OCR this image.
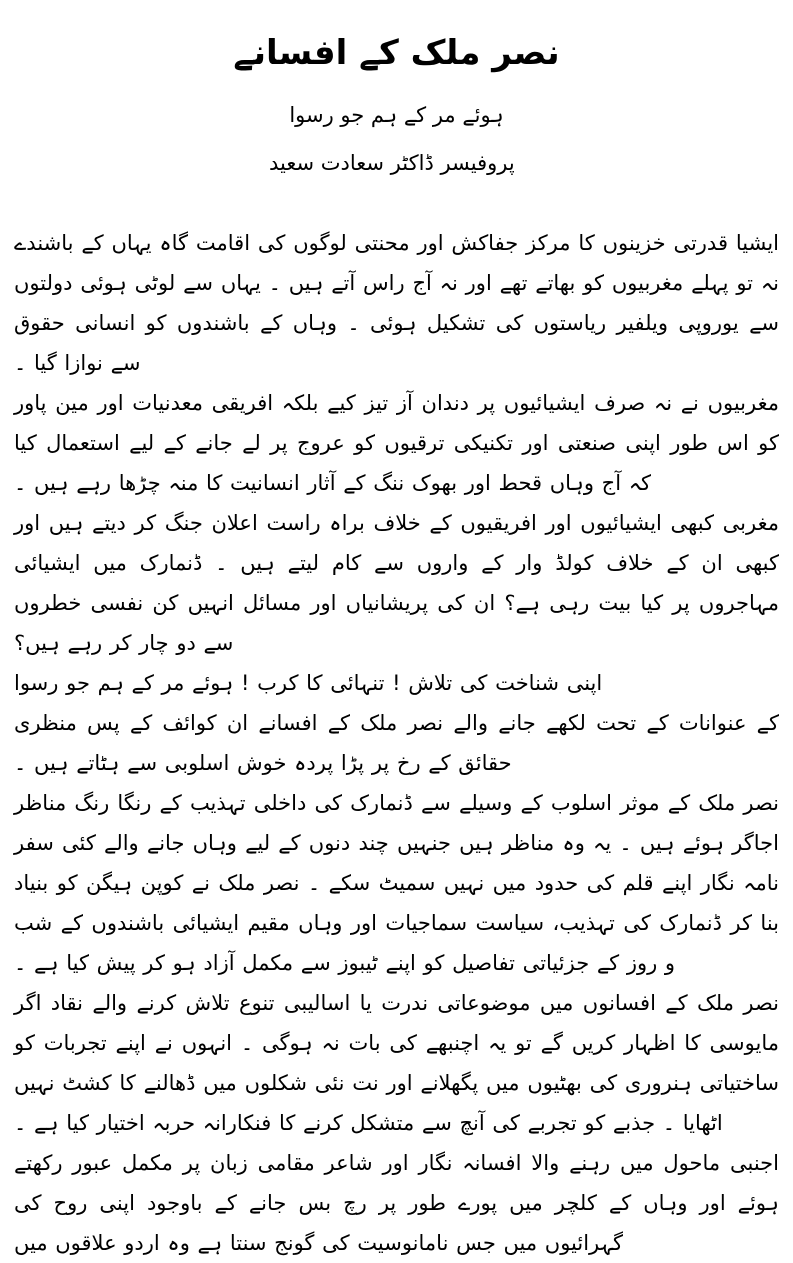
نصر ملک کے افسانے
ہوئے مر کے ہم جو رسوا
پروفیسر ڈاکٹر سعادت سعید

ایشیا قدرتی خزینوں کا مرکز جفاکش اور محنتی لوگوں کی اقامت گاہ یہاں کے باشندے نہ تو پہلے مغربیوں کو بھاتے تھے اور نہ آج راس آتے ہیں ۔ یہاں سے لوٹی ہوئی دولتوں سے یوروپی ویلفیر ریاستوں کی تشکیل ہوئی ۔ وہاں کے باشندوں کو انسانی حقوق سے نوازا گیا ۔

مغربیوں نے نہ صرف ایشیائیوں پر دندان آز تیز کیے بلکہ افریقی معدنیات اور مین پاور کو اس طور اپنی صنعتی اور تکنیکی ترقیوں کو عروج پر لے جانے کے لیے استعمال کیا کہ آج وہاں قحط اور بھوک ننگ کے آثار انسانیت کا منہ چڑھا رہے ہیں ۔

مغربی کبھی ایشیائیوں اور افریقیوں کے خلاف براہ راست اعلان جنگ کر دیتے ہیں اور کبھی ان کے خلاف کولڈ وار کے واروں سے کام لیتے ہیں ۔ ڈنمارک میں ایشیائی مہاجروں پر کیا بیت رہی ہے؟ ان کی پریشانیاں اور مسائل انہیں کن نفسی خطروں سے دو چار کر رہے ہیں؟

اپنی شناخت کی تلاش ! تنہائی کا کرب ! ہوئے مر کے ہم جو رسوا

کے عنوانات کے تحت لکھے جانے والے نصر ملک کے افسانے ان کوائف کے پس منظری حقائق کے رخ پر پڑا پردہ خوش اسلوبی سے ہٹاتے ہیں ۔

نصر ملک کے موثر اسلوب کے وسیلے سے ڈنمارک کی داخلی تہذیب کے رنگا رنگ مناظر اجاگر ہوئے ہیں ۔ یہ وہ مناظر ہیں جنہیں چند دنوں کے لیے وہاں جانے والے کئی سفر نامہ نگار اپنے قلم کی حدود میں نہیں سمیٹ سکے ۔ نصر ملک نے کوپن ہیگن کو بنیاد بنا کر ڈنمارک کی تہذیب، سیاست سماجیات اور وہاں مقیم ایشیائی باشندوں کے شب و روز کے جزئیاتی تفاصیل کو اپنے ٹیبوز سے مکمل آزاد ہو کر پیش کیا ہے ۔

نصر ملک کے افسانوں میں موضوعاتی ندرت یا اسالیبی تنوع تلاش کرنے والے نقاد اگر مایوسی کا اظہار کریں گے تو یہ اچنبھے کی بات نہ ہوگی ۔ انہوں نے اپنے تجربات کو ساختیاتی ہنروری کی بھٹیوں میں پگھلانے اور نت نئی شکلوں میں ڈھالنے کا کشٹ نہیں اٹھایا ۔ جذبے کو تجربے کی آنچ سے متشکل کرنے کا فنکارانہ حربہ اختیار کیا ہے ۔

اجنبی ماحول میں رہنے والا افسانہ نگار اور شاعر مقامی زبان پر مکمل عبور رکھتے ہوئے اور وہاں کے کلچر میں پورے طور پر رچ بس جانے کے باوجود اپنی روح کی گہرائیوں میں جس نامانوسیت کی گونج سنتا ہے وہ اردو علاقوں میں
